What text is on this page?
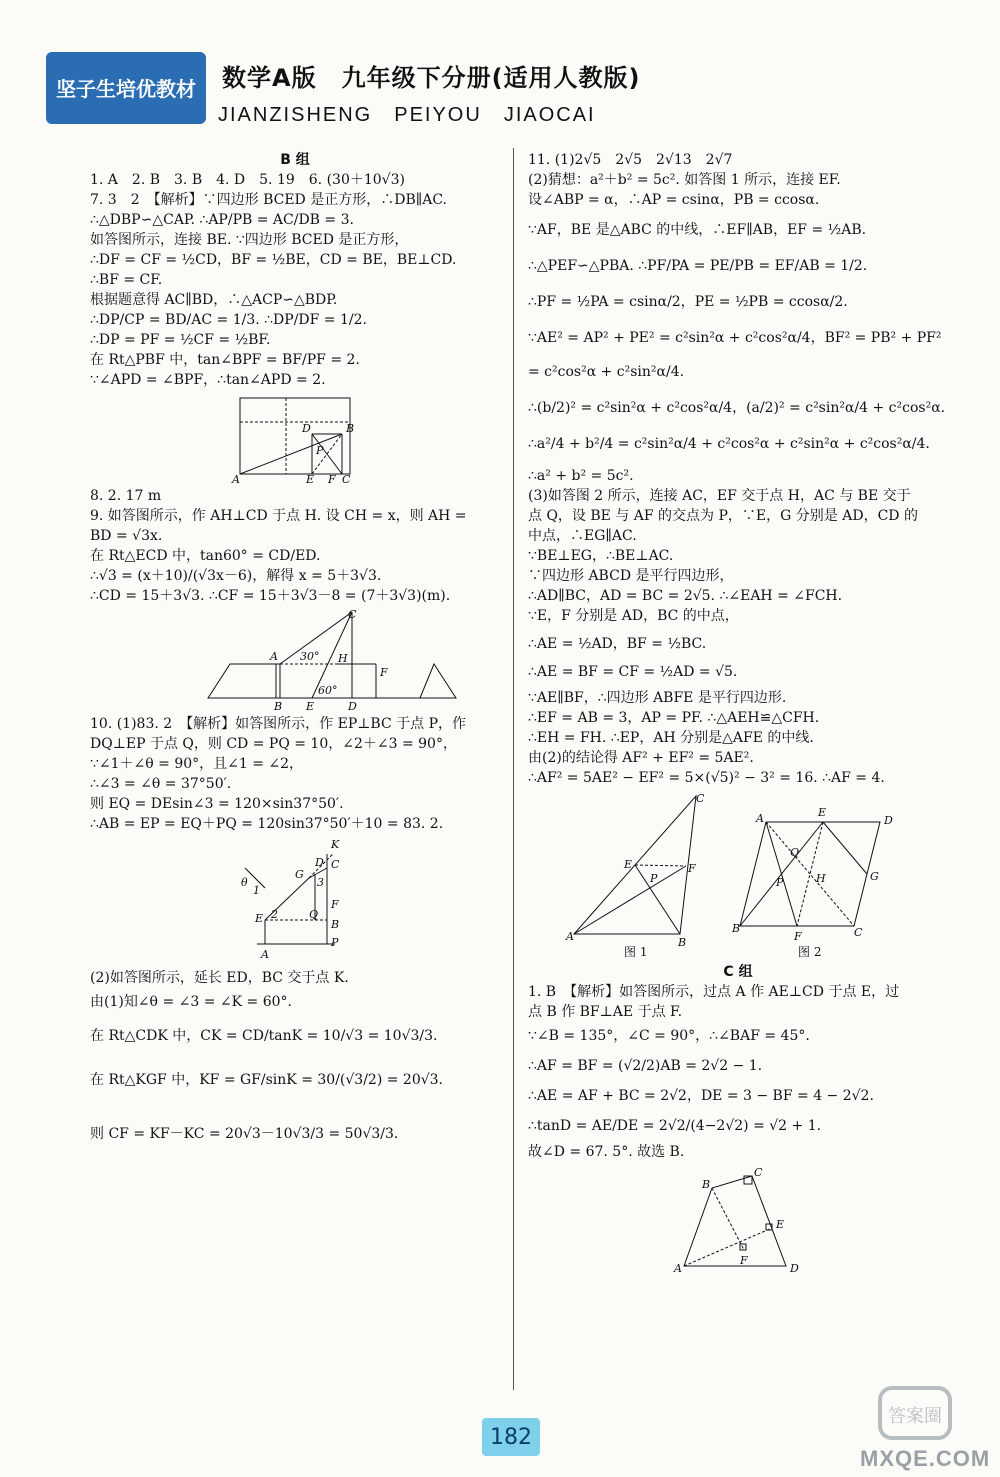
坚子生培优教材 数学A版　九年级下分册(适用人教版)
JIANZISHENG　PEIYOU　JIAOCAI

B 组

1. A　2. B　3. B　4. D　5. 19　6. (30＋10√3)

7. 3　2　【解析】∵四边形 BCED 是正方形，∴DB∥AC.

∴△DBP∽△CAP. ∴AP/PB = AC/DB = 3.

如答图所示，连接 BE. ∵四边形 BCED 是正方形，

∴DF = CF = ½CD，BF = ½BE，CD = BE，BE⊥CD.

∴BF = CF.

根据题意得 AC∥BD，∴△ACP∽△BDP.

∴DP/CP = BD/AC = 1/3. ∴DP/DF = 1/2.

∴DP = PF = ½CF = ½BF.

在 Rt△PBF 中，tan∠BPF = BF/PF = 2.

∵∠APD = ∠BPF，∴tan∠APD = 2.

A
B
C
D
E F
P

8. 2. 17 m

9. 如答图所示，作 AH⊥CD 于点 H. 设 CH = x，则 AH =

BD = √3x.

在 Rt△ECD 中，tan60° = CD/ED.

∴√3 = (x＋10)/(√3x－6)，解得 x = 5＋3√3.

∴CD = 15＋3√3. ∴CF = 15＋3√3－8 = (7＋3√3)(m).

A
B
C
D
E
F
H
30°
60°

10. (1)83. 2　【解析】如答图所示，作 EP⊥BC 于点 P，作

DQ⊥EP 于点 Q，则 CD = PQ = 10，∠2＋∠3 = 90°，

∵∠1＋∠θ = 90°，且∠1 = ∠2，

∴∠3 = ∠θ = 37°50′.

则 EQ = DEsin∠3 = 120×sin37°50′.

∴AB = EP = EQ＋PQ = 120sin37°50′＋10 = 83. 2.

A
B
C
D
E
F
G
K
P
Q
θ
1
2
3

(2)如答图所示，延长 ED，BC 交于点 K.

由(1)知∠θ = ∠3 = ∠K = 60°.

在 Rt△CDK 中，CK = CD/tanK = 10/√3 = 10√3/3.

在 Rt△KGF 中，KF = GF/sinK = 30/(√3/2) = 20√3.

则 CF = KF－KC = 20√3－10√3/3 = 50√3/3.

11. (1)2√5　2√5　2√13　2√7

(2)猜想：a²＋b² = 5c². 如答图 1 所示，连接 EF.

设∠ABP = α，∴AP = csinα，PB = ccosα.

∵AF，BE 是△ABC 的中线，∴EF∥AB，EF = ½AB.

∴△PEF∽△PBA. ∴PF/PA = PE/PB = EF/AB = 1/2.

∴PF = ½PA = csinα/2，PE = ½PB = ccosα/2.

∵AE² = AP² + PE² = c²sin²α + c²cos²α/4，BF² = PB² + PF²

= c²cos²α + c²sin²α/4.

∴(b/2)² = c²sin²α + c²cos²α/4，(a/2)² = c²sin²α/4 + c²cos²α.

∴a²/4 + b²/4 = c²sin²α/4 + c²cos²α + c²sin²α + c²cos²α/4.

∴a² + b² = 5c².

(3)如答图 2 所示，连接 AC，EF 交于点 H，AC 与 BE 交于

点 Q，设 BE 与 AF 的交点为 P，∵E，G 分别是 AD，CD 的

中点，∴EG∥AC.

∵BE⊥EG，∴BE⊥AC.

∵四边形 ABCD 是平行四边形，

∴AD∥BC，AD = BC = 2√5. ∴∠EAH = ∠FCH.

∵E，F 分别是 AD，BC 的中点，

∴AE = ½AD，BF = ½BC.

∴AE = BF = CF = ½AD = √5.

∵AE∥BF，∴四边形 ABFE 是平行四边形.

∴EF = AB = 3，AP = PF. ∴△AEH≌△CFH.

∴EH = FH. ∴EP，AH 分别是△AFE 的中线.

由(2)的结论得 AF² + EF² = 5AE².

∴AF² = 5AE² − EF² = 5×(√5)² − 3² = 16. ∴AF = 4.

A	B
C
E	F
P
图 1
A
B	C
D
E
F
G
H
P
Q
图 2

C 组

1. B　【解析】如答图所示，过点 A 作 AE⊥CD 于点 E，过

点 B 作 BF⊥AE 于点 F.

∵∠B = 135°，∠C = 90°，∴∠BAF = 45°.

∴AF = BF = (√2/2)AB = 2√2 − 1.

∴AE = AF + BC = 2√2，DE = 3 − BF = 4 − 2√2.

∴tanD = AE/DE = 2√2/(4−2√2) = √2 + 1.

故∠D = 67. 5°. 故选 B.

A
B
C
D
E
F
182
答案圈
MXQE.COM
